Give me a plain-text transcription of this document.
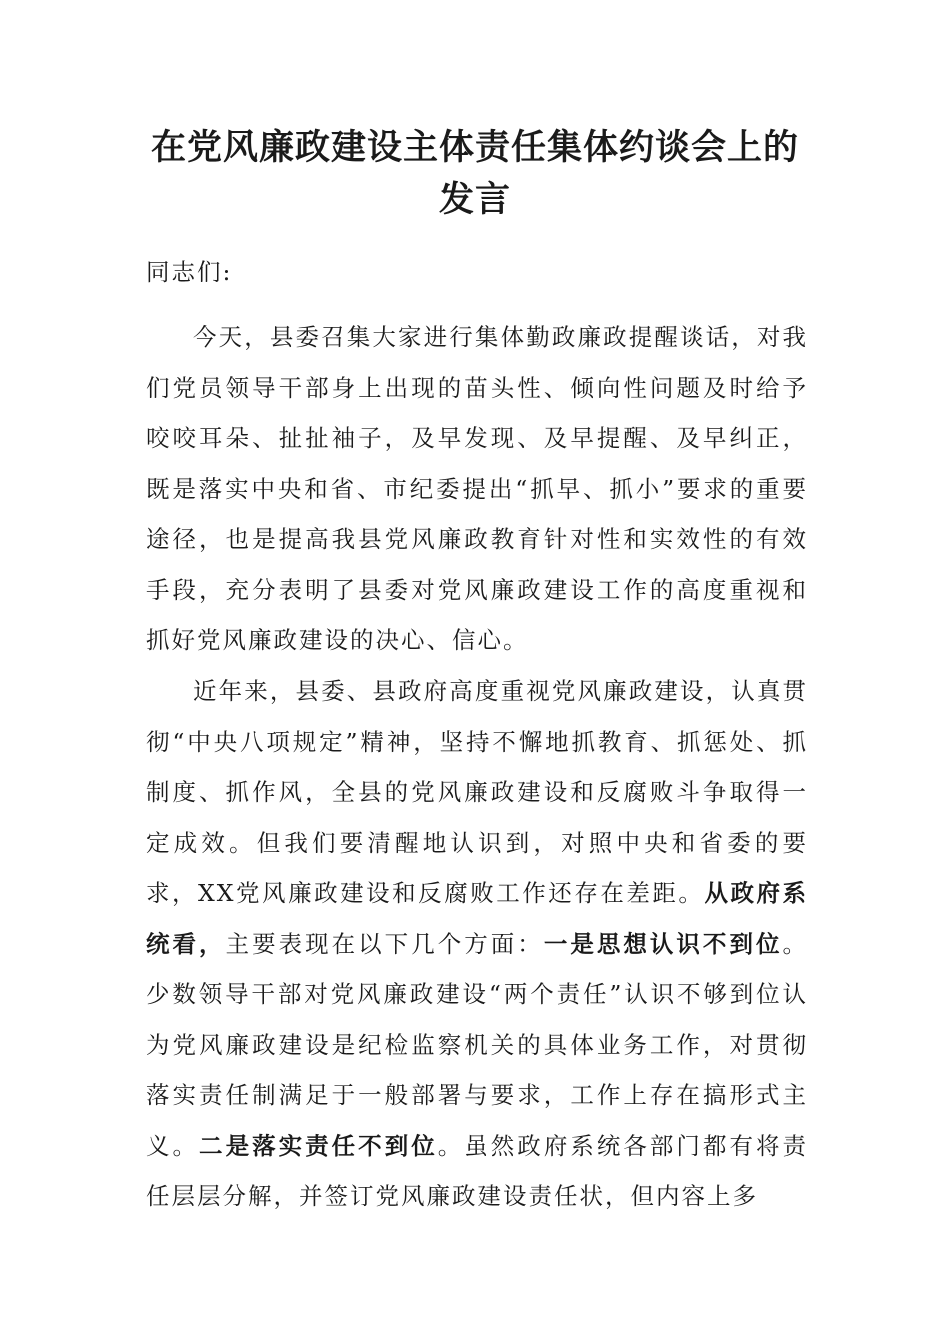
在党风廉政建设主体责任集体约谈会上的发言

同志们:

今天，县委召集大家进行集体勤政廉政提醒谈话，对我们党员领导干部身上出现的苗头性、倾向性问题及时给予咬咬耳朵、扯扯袖子，及早发现、及早提醒、及早纠正，既是落实中央和省、市纪委提出“抓早、抓小”要求的重要途径，也是提高我县党风廉政教育针对性和实效性的有效手段，充分表明了县委对党风廉政建设工作的高度重视和抓好党风廉政建设的决心、信心。

近年来，县委、县政府高度重视党风廉政建设，认真贯彻“中央八项规定”精神，坚持不懈地抓教育、抓惩处、抓制度、抓作风，全县的党风廉政建设和反腐败斗争取得一定成效。但我们要清醒地认识到，对照中央和省委的要求，XX党风廉政建设和反腐败工作还存在差距。从政府系统看，主要表现在以下几个方面：一是思想认识不到位。少数领导干部对党风廉政建设“两个责任”认识不够到位认为党风廉政建设是纪检监察机关的具体业务工作，对贯彻落实责任制满足于一般部署与要求，工作上存在搞形式主义。二是落实责任不到位。虽然政府系统各部门都有将责任层层分解，并签订党风廉政建设责任状，但内容上多
